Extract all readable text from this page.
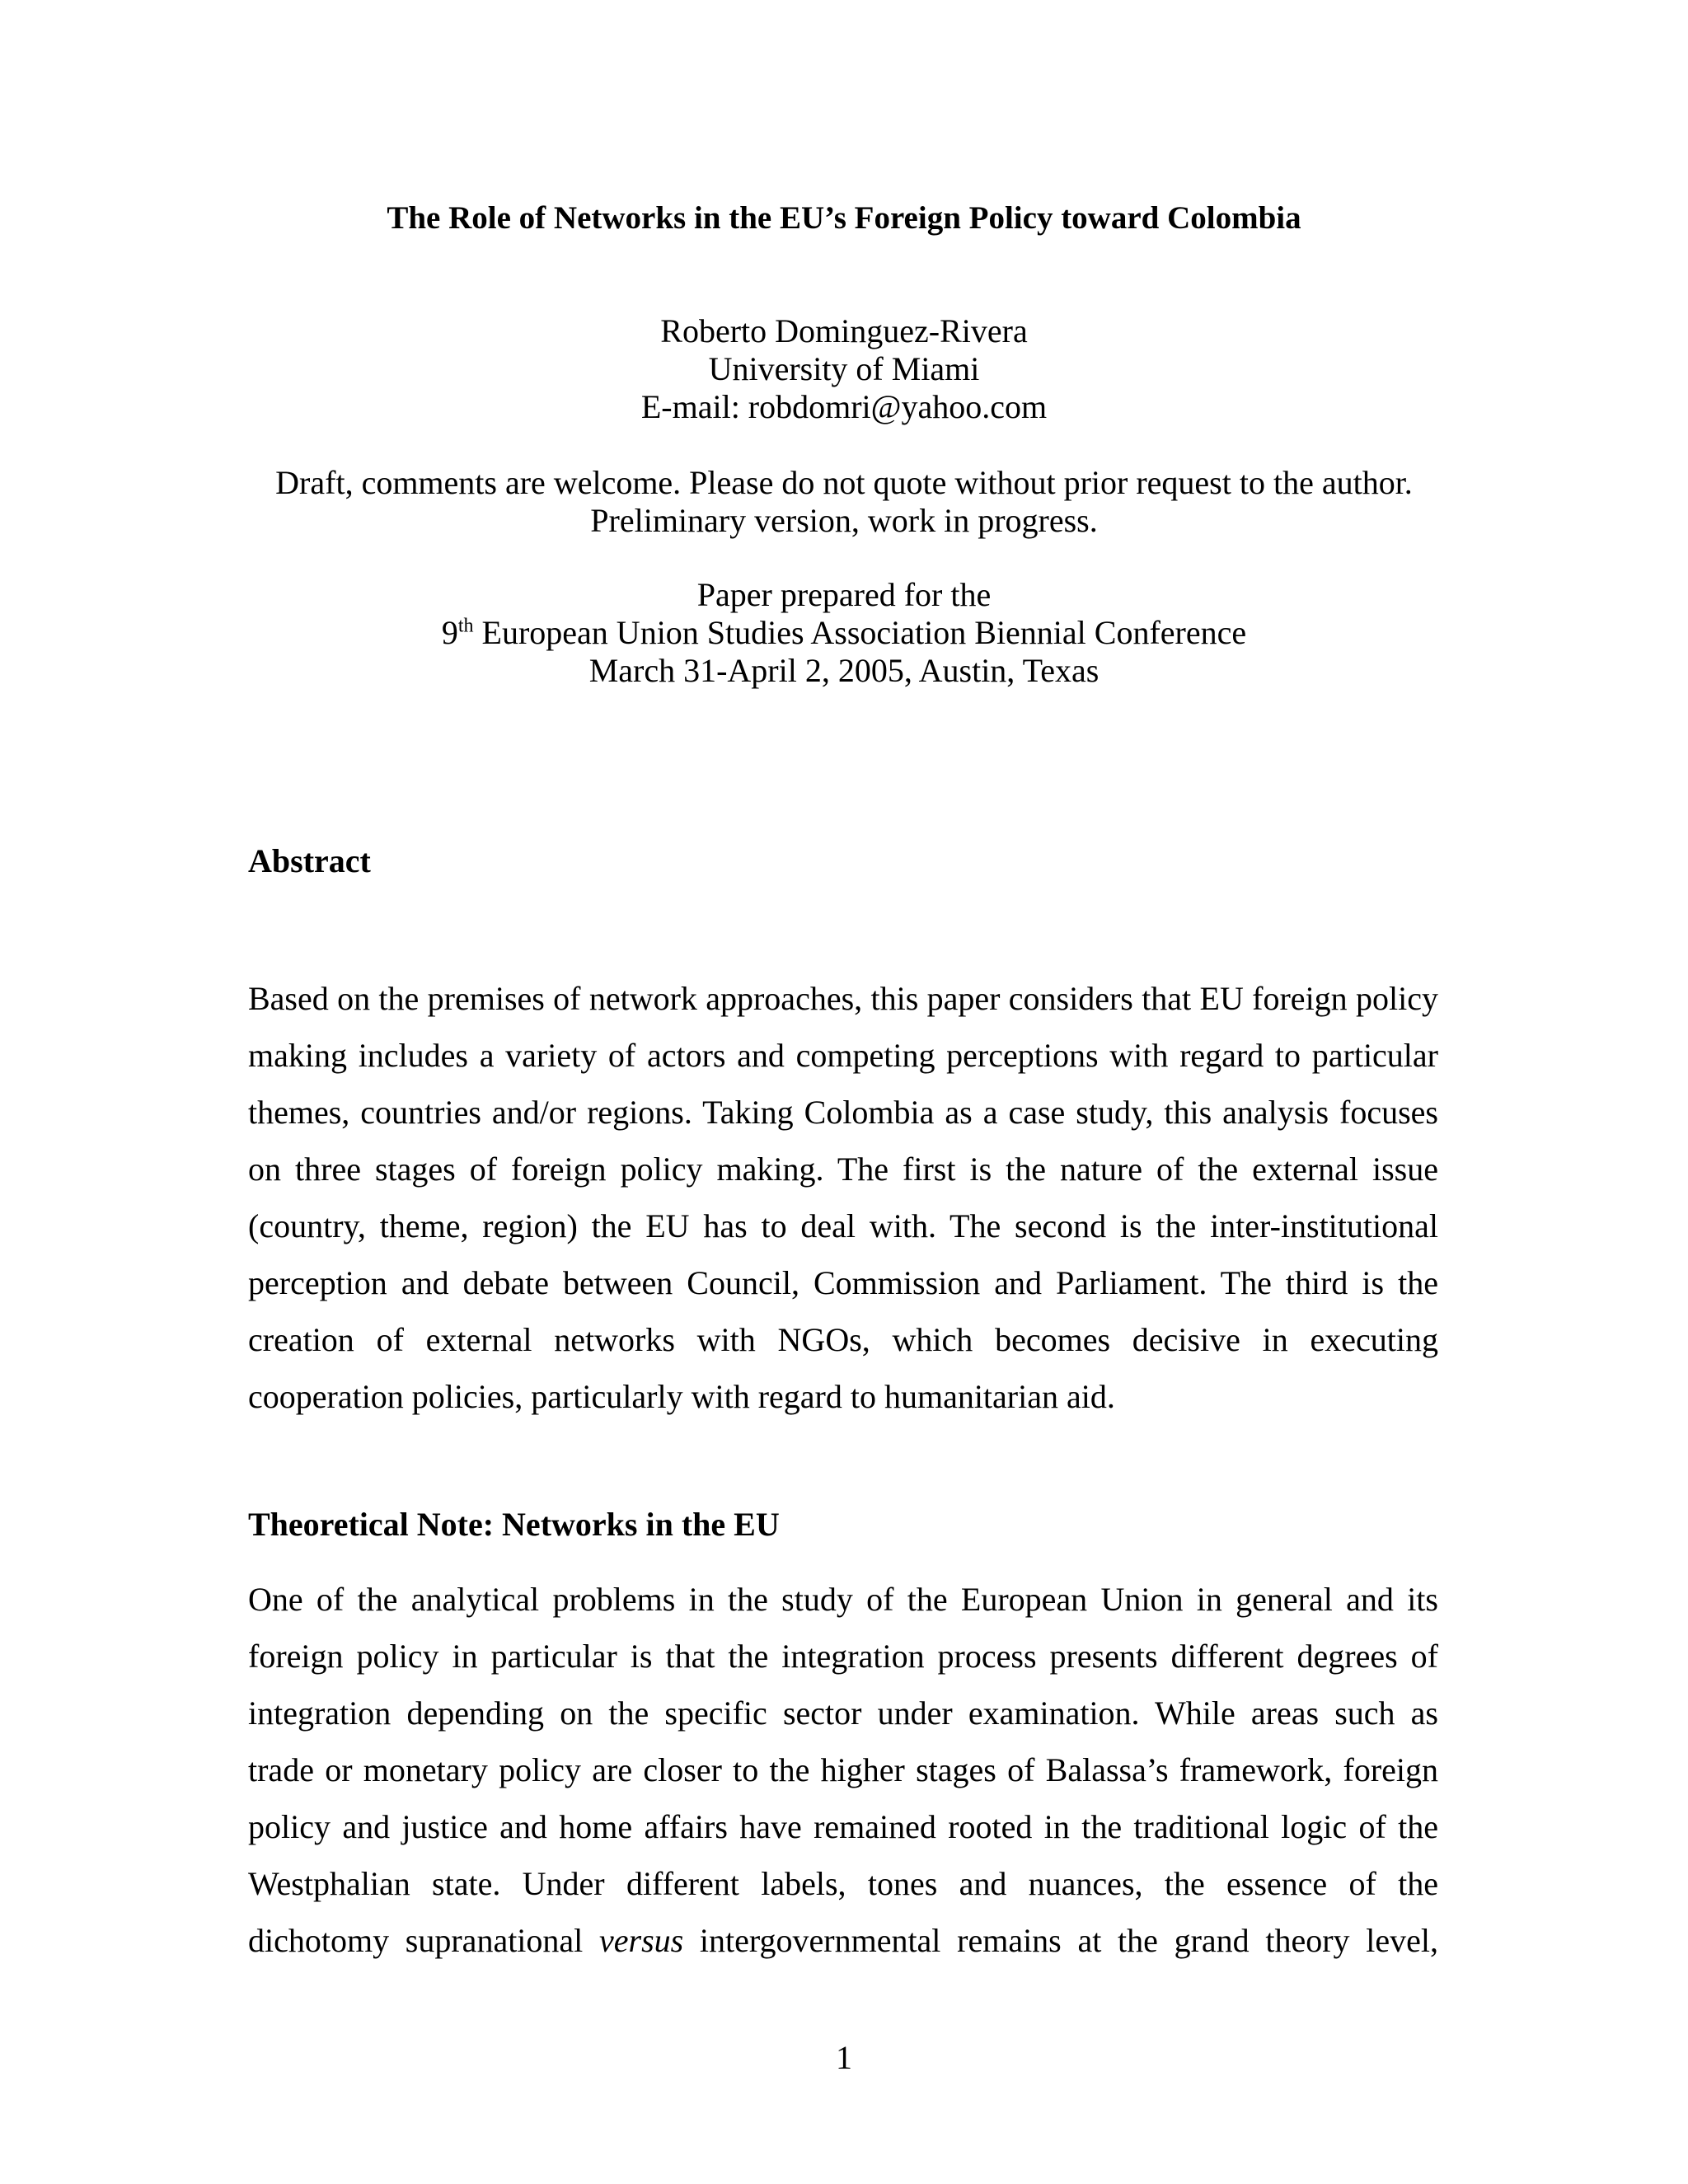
The Role of Networks in the EU’s Foreign Policy toward Colombia
Roberto Dominguez-Rivera
University of Miami
E-mail: robdomri@yahoo.com
Draft, comments are welcome. Please do not quote without prior request to the author.
Preliminary version, work in progress.
Paper prepared for the
9th European Union Studies Association Biennial Conference
March 31-April 2, 2005, Austin, Texas
Abstract
Based on the premises of network approaches, this paper considers that EU foreign policy
making includes a variety of actors and competing perceptions with regard to particular
themes, countries and/or regions. Taking Colombia as a case study, this analysis focuses
on three stages of foreign policy making. The first is the nature of the external issue
(country, theme, region) the EU has to deal with. The second is the inter-institutional
perception and debate between Council, Commission and Parliament. The third is the
creation of external networks with NGOs, which becomes decisive in executing
cooperation policies, particularly with regard to humanitarian aid.
Theoretical Note: Networks in the EU
One of the analytical problems in the study of the European Union in general and its
foreign policy in particular is that the integration process presents different degrees of
integration depending on the specific sector under examination. While areas such as
trade or monetary policy are closer to the higher stages of Balassa’s framework, foreign
policy and justice and home affairs have remained rooted in the traditional logic of the
Westphalian state. Under different labels, tones and nuances, the essence of the
dichotomy supranational versus intergovernmental remains at the grand theory level,
1
